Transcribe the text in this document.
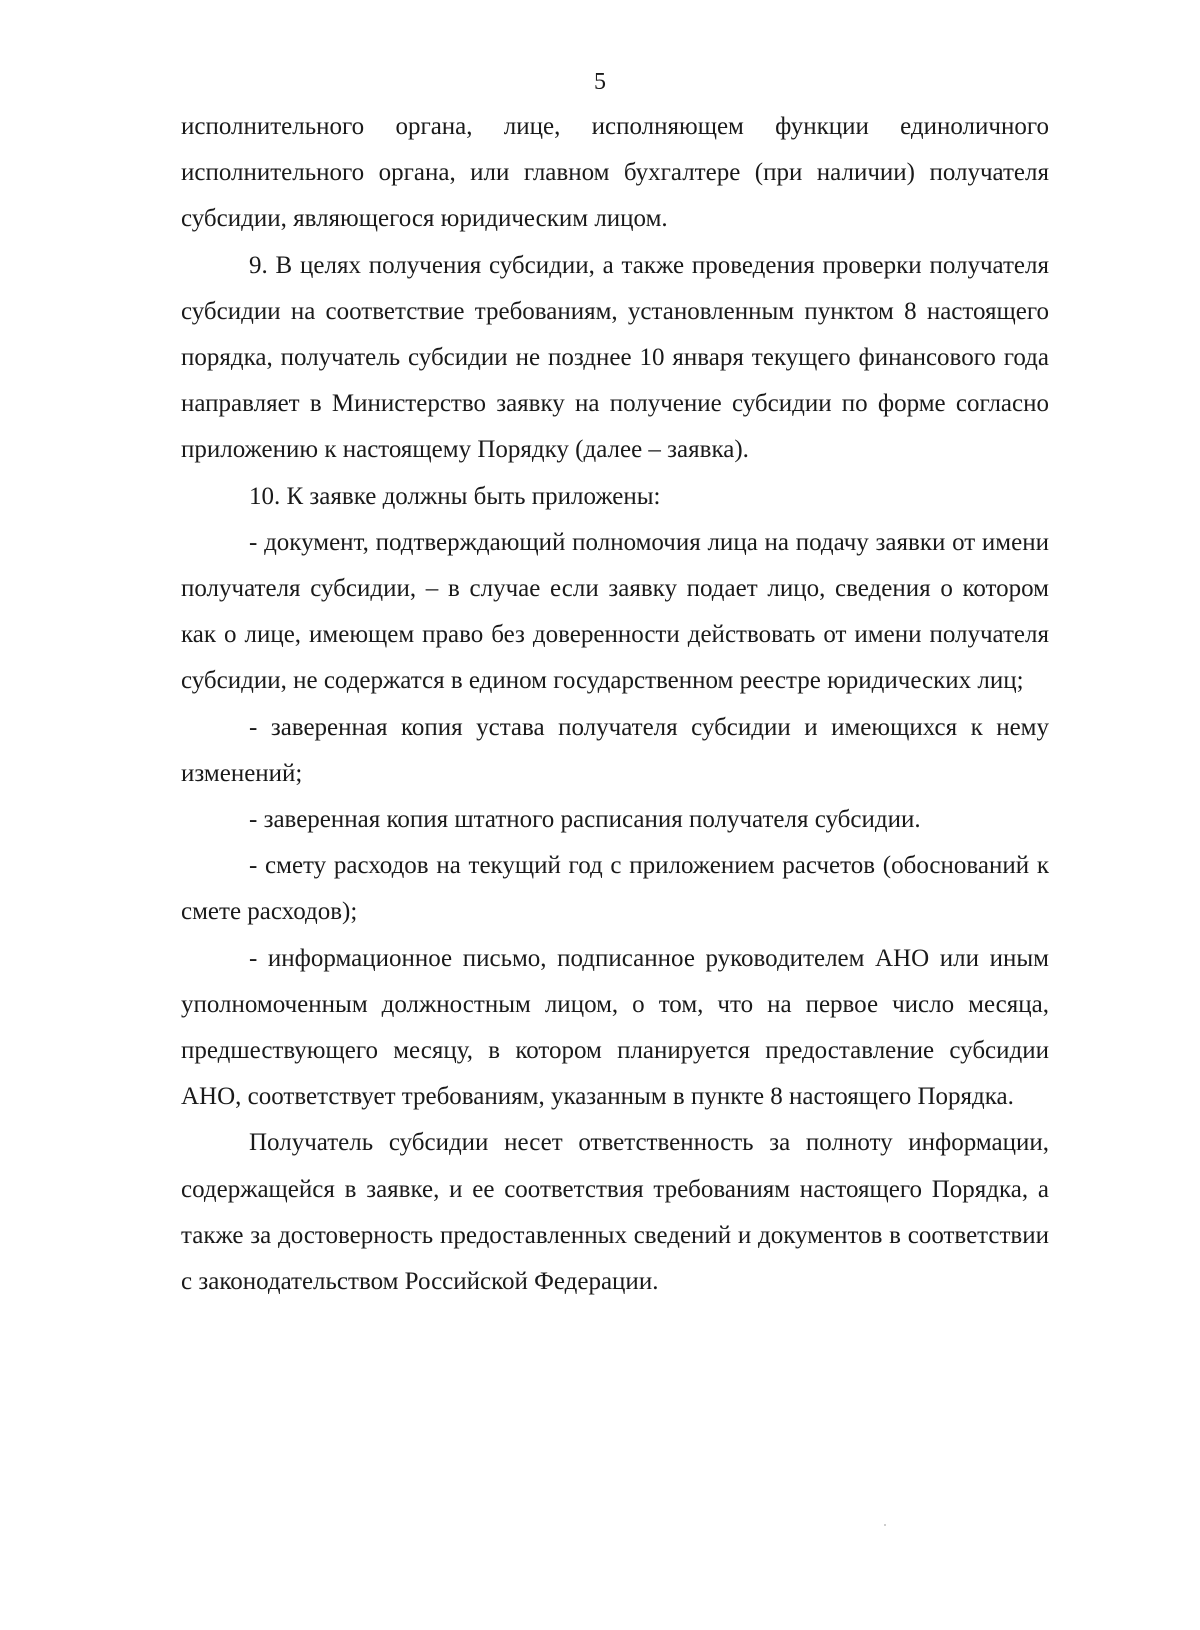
5

исполнительного органа, лице, исполняющем функции единоличного исполнительного органа, или главном бухгалтере (при наличии) получателя субсидии, являющегося юридическим лицом.

9. В целях получения субсидии, а также проведения проверки получателя субсидии на соответствие требованиям, установленным пунктом 8 настоящего порядка, получатель субсидии не позднее 10 января текущего финансового года направляет в Министерство заявку на получение субсидии по форме согласно приложению к настоящему Порядку (далее – заявка).

10. К заявке должны быть приложены:

- документ, подтверждающий полномочия лица на подачу заявки от имени получателя субсидии, – в случае если заявку подает лицо, сведения о котором как о лице, имеющем право без доверенности действовать от имени получателя субсидии, не содержатся в едином государственном реестре юридических лиц;

- заверенная копия устава получателя субсидии и имеющихся к нему изменений;

- заверенная копия штатного расписания получателя субсидии.

- смету расходов на текущий год с приложением расчетов (обоснований к смете расходов);

- информационное письмо, подписанное руководителем АНО или иным уполномоченным должностным лицом, о том, что на первое число месяца, предшествующего месяцу, в котором планируется предоставление субсидии АНО, соответствует требованиям, указанным в пункте 8 настоящего Порядка.

Получатель субсидии несет ответственность за полноту информации, содержащейся в заявке, и ее соответствия требованиям настоящего Порядка, а также за достоверность предоставленных сведений и документов в соответствии с законодательством Российской Федерации.
